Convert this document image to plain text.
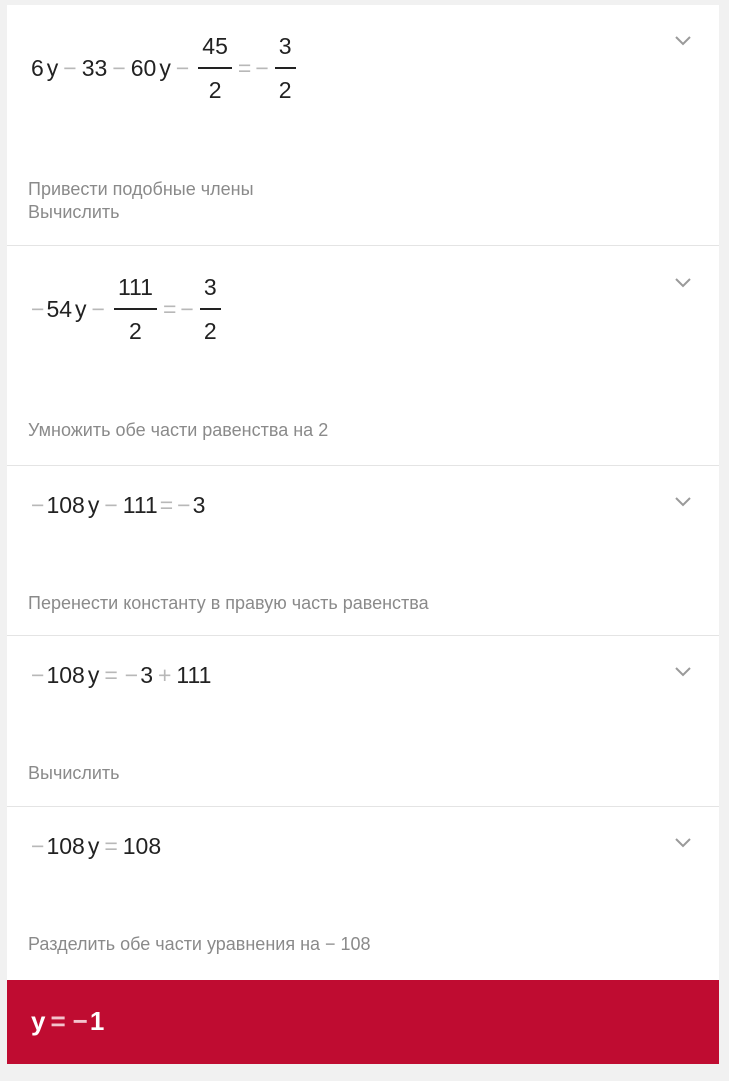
6 y − 33 − 60 $y - \frac{45}{2}$ = − $\frac{3}{2}$
Привести подобные члены
Вычислить
− 54 $y - \frac{111}{2}$ = − $\frac{3}{2}$
Умножить обе части равенства на 2
− 108 y − 111 = − 3
Перенести константу в правую часть равенства
− 108 y = − 3 + 111
Вычислить
− 108 y = 108
Разделить обе части уравнения на − 108
y = − 1
